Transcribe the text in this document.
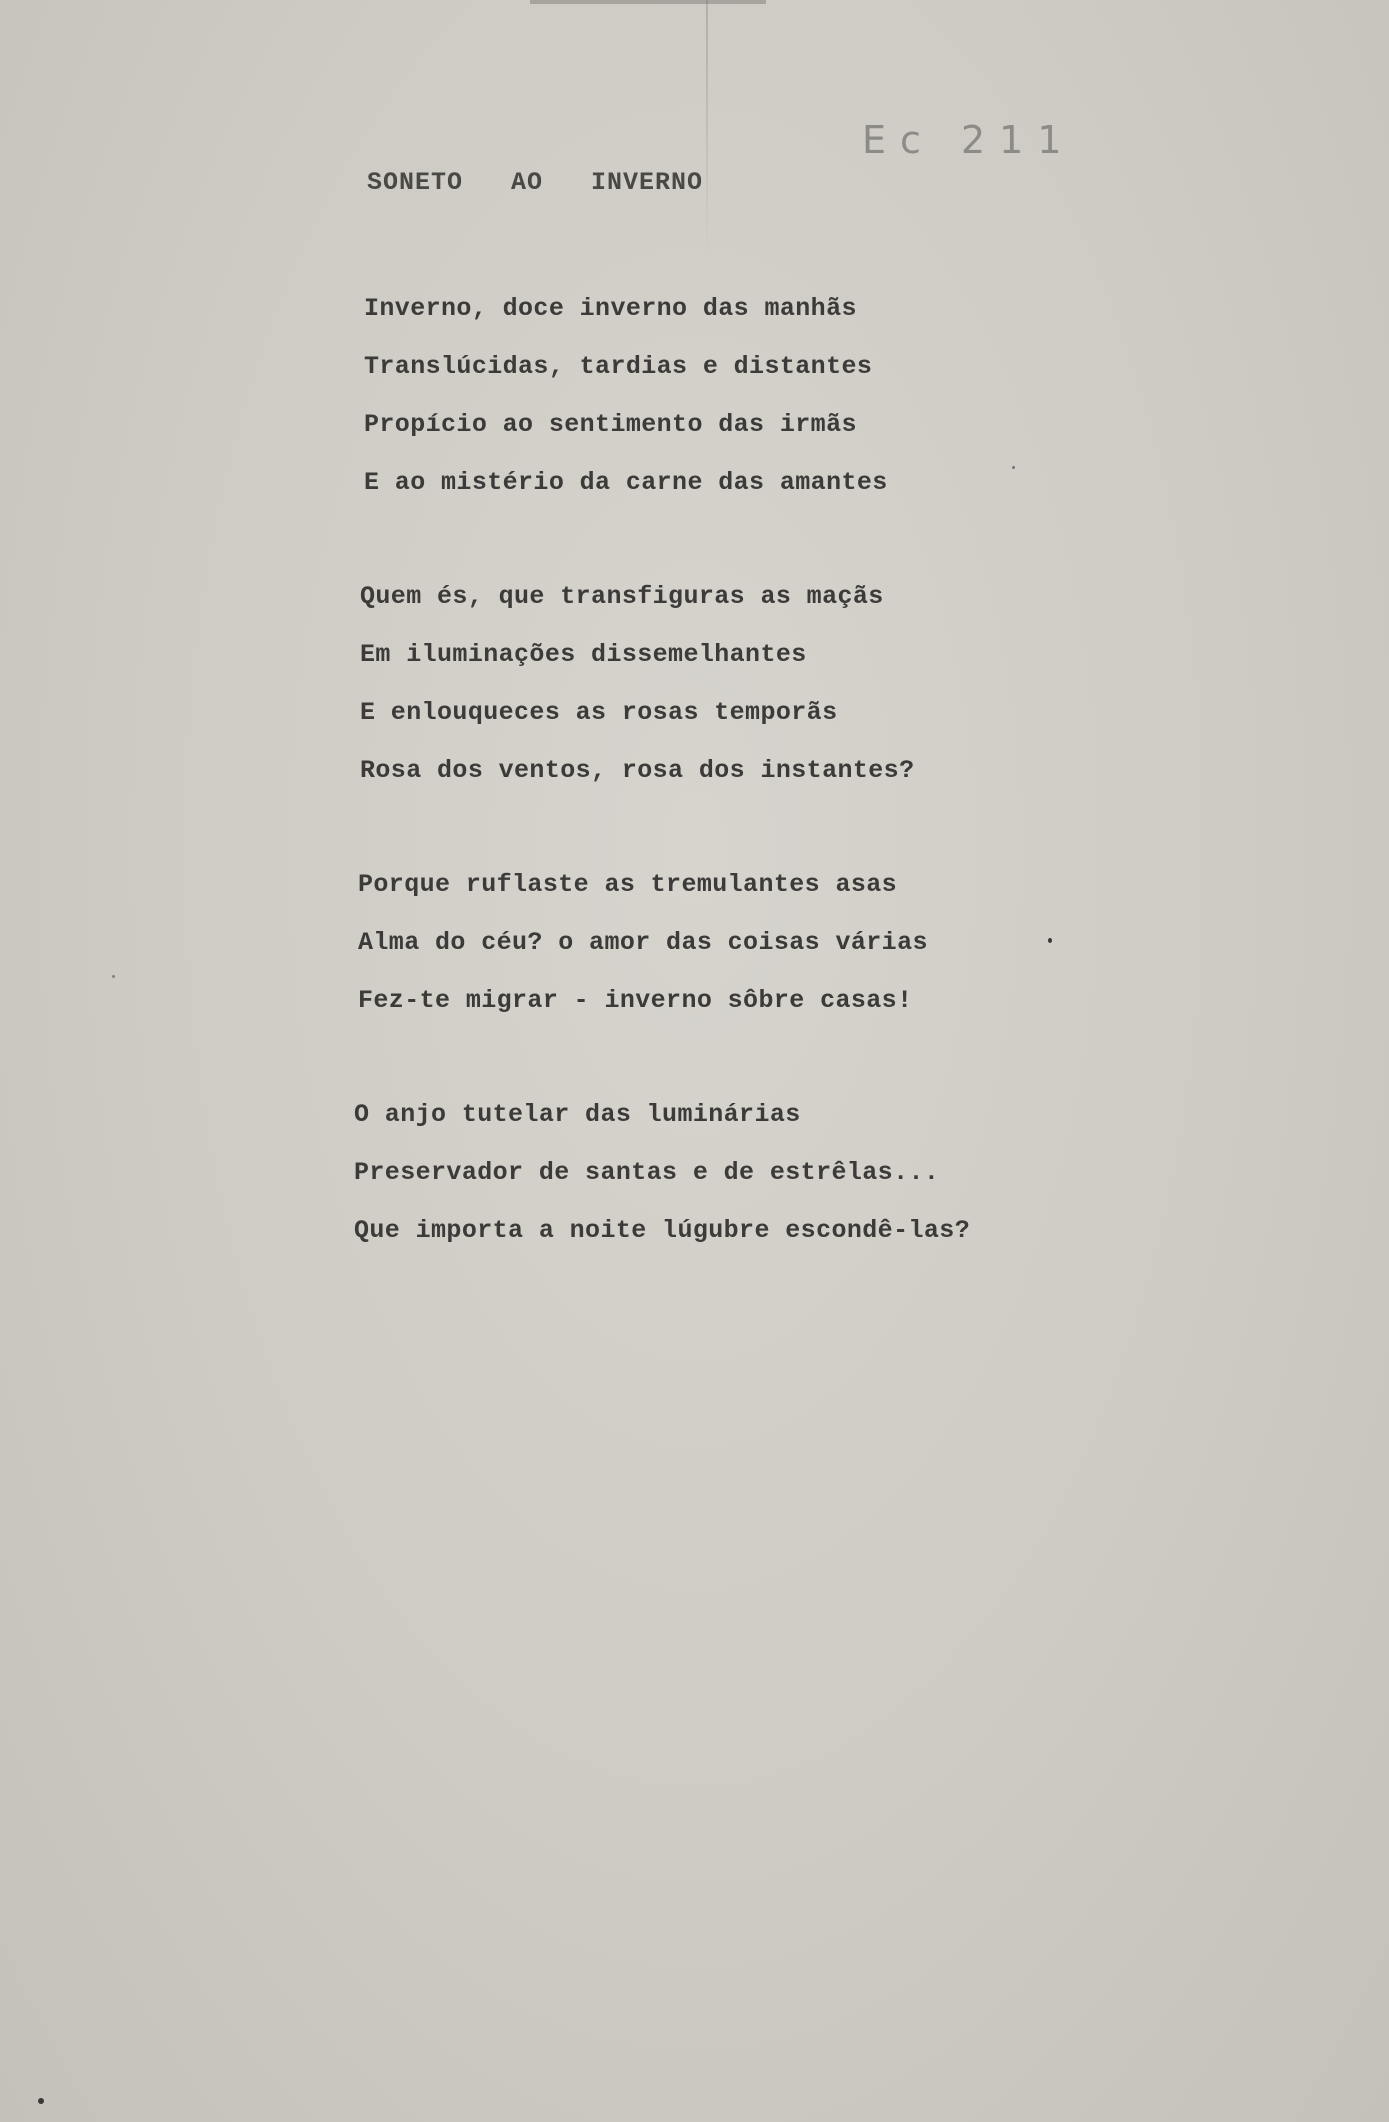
Ec 211
SONETO   AO   INVERNO
Inverno, doce inverno das manhãs
Translúcidas, tardias e distantes
Propício ao sentimento das irmãs
E ao mistério da carne das amantes
Quem és, que transfiguras as maçãs
Em iluminações dissemelhantes
E enlouqueces as rosas temporãs
Rosa dos ventos, rosa dos instantes?
Porque ruflaste as tremulantes asas
Alma do céu? o amor das coisas várias
Fez-te migrar - inverno sôbre casas!
O anjo tutelar das luminárias
Preservador de santas e de estrêlas...
Que importa a noite lúgubre escondê-las?
